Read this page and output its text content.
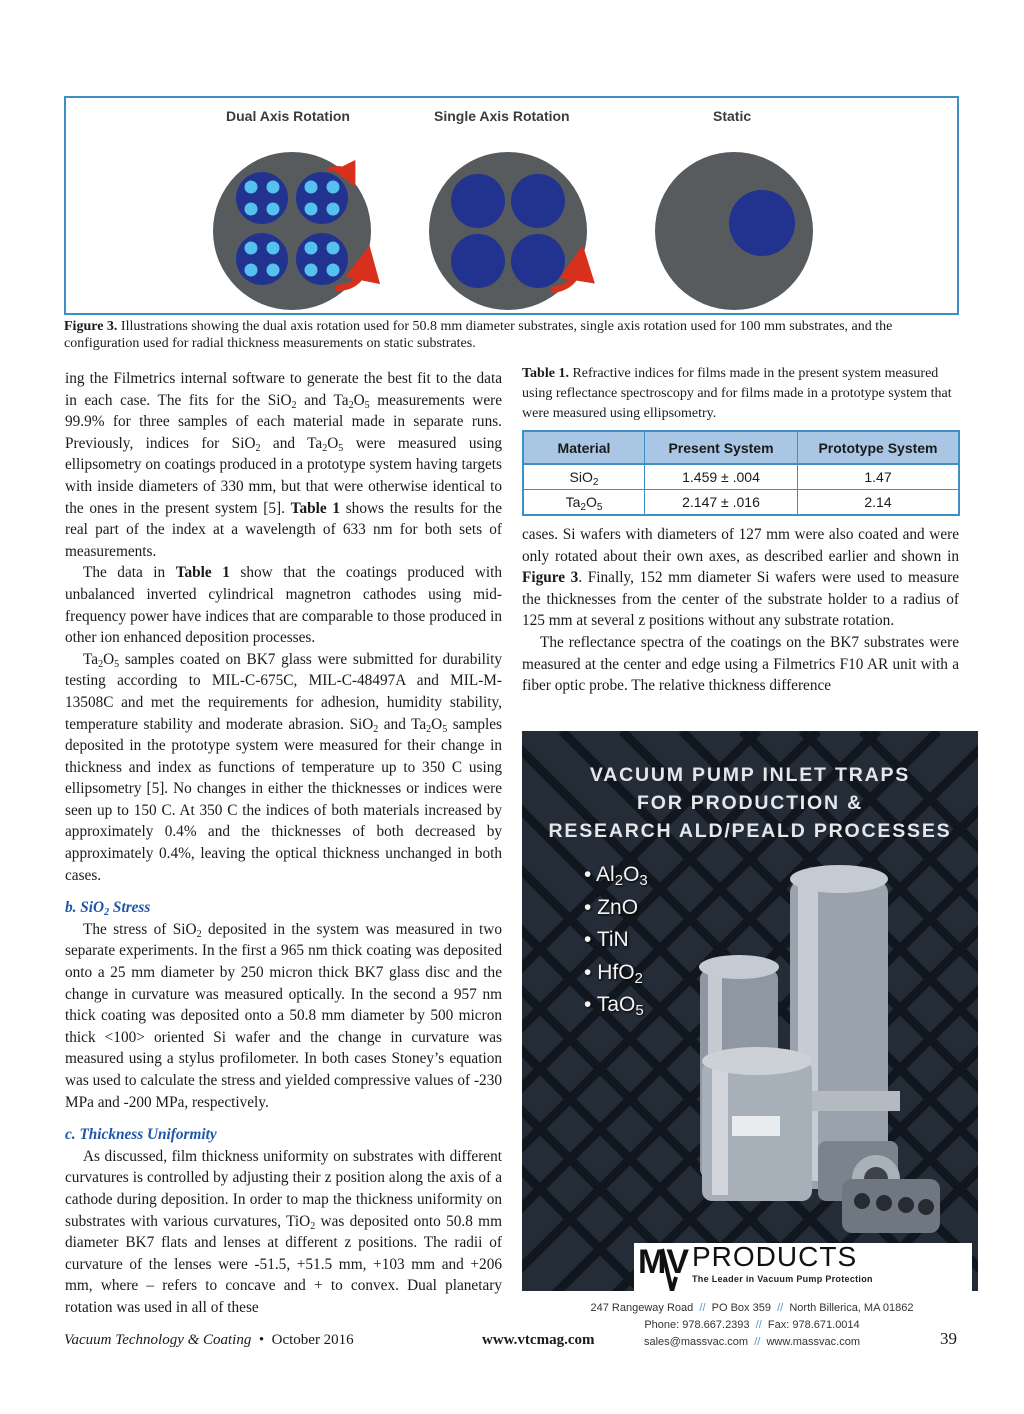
Dual Axis Rotation	Single Axis Rotation	Static
Figure 3. Illustrations showing the dual axis rotation used for 50.8 mm diameter substrates, single axis rotation used for 100 mm substrates, and the configuration used for radial thickness measurements on static substrates.
Table 1. Refractive indices for films made in the present system measured using reflectance spectroscopy and for films made in a prototype system that were measured using ellipsometry.
Material	Present System	Prototype System
SiO$_2$	1.459 ± .004	1.47
$Ta_2O_5$	2.147 ± .016	2.14

ing the Filmetrics internal software to generate the best fit to the data in each case. The fits for the SiO$_2$ and $Ta_2O_5$ measurements were 99.9% for three samples of each material made in separate runs. Previously, indices for SiO$_2$ and $Ta_2O_5$ were measured using ellipsometry on coatings produced in a prototype system having targets with inside diameters of 330 mm, but that were otherwise identical to the ones in the present system [5]. Table 1 shows the results for the real part of the index at a wavelength of 633 nm for both sets of measurements.

The data in Table 1 show that the coatings produced with unbalanced inverted cylindrical magnetron cathodes using mid-frequency power have indices that are comparable to those produced in other ion enhanced deposition processes.

$Ta_2O_5$ samples coated on BK7 glass were submitted for durability testing according to MIL-C-675C, MIL-C-48497A and MIL-M-13508C and met the requirements for adhesion, humidity stability, temperature stability and moderate abrasion. SiO$_2$ and $Ta_2O_5$ samples deposited in the prototype system were measured for their change in thickness and index as functions of temperature up to 350 C using ellipsometry [5]. No changes in either the thicknesses or indices were seen up to 150 C. At 350 C the indices of both materials increased by approximately 0.4% and the thicknesses of both decreased by approximately 0.4%, leaving the optical thickness unchanged in both cases.

b. SiO$_2$ Stress

The stress of SiO$_2$ deposited in the system was measured in two separate experiments. In the first a 965 nm thick coating was deposited onto a 25 mm diameter by 250 micron thick BK7 glass disc and the change in curvature was measured optically. In the second a 957 nm thick coating was deposited onto a 50.8 mm diameter by 500 micron thick <100> oriented Si wafer and the change in curvature was measured using a stylus profilometer. In both cases Stoney’s equation was used to calculate the stress and yielded compressive values of -230 MPa and -200 MPa, respectively.

c. Thickness Uniformity

As discussed, film thickness uniformity on substrates with different curvatures is controlled by adjusting their z position along the axis of a cathode during deposition. In order to map the thickness uniformity on substrates with various curvatures, TiO$_2$ was deposited onto 50.8 mm diameter BK7 flats and lenses at different z positions. The radii of curvature of the lenses were -51.5, +51.5 mm, +103 mm and +206 mm, where – refers to concave and + to convex. Dual planetary rotation was used in all of these

cases. Si wafers with diameters of 127 mm were also coated and were only rotated about their own axes, as described earlier and shown in Figure 3. Finally, 152 mm diameter Si wafers were used to measure the thicknesses from the center of the substrate holder to a radius of 125 mm at several z positions without any substrate rotation.

The reflectance spectra of the coatings on the BK7 substrates were measured at the center and edge using a Filmetrics F10 AR unit with a fiber optic probe. The relative thickness difference

VACUUM PUMP INLET TRAPS
FOR PRODUCTION &
RESEARCH ALD/PEALD PROCESSES
• $Al_2O_3$
• ZnO
• TiN
• HfO$_2$
• TaO$_5$
MV PRODUCTS
The Leader in Vacuum Pump Protection
247 Rangeway Road // PO Box 359 // North Billerica, MA 01862
Phone: 978.667.2393 // Fax: 978.671.0014
sales@massvac.com // www.massvac.com
Vacuum Technology & Coating • October 2016	www.vtcmag.com	39
